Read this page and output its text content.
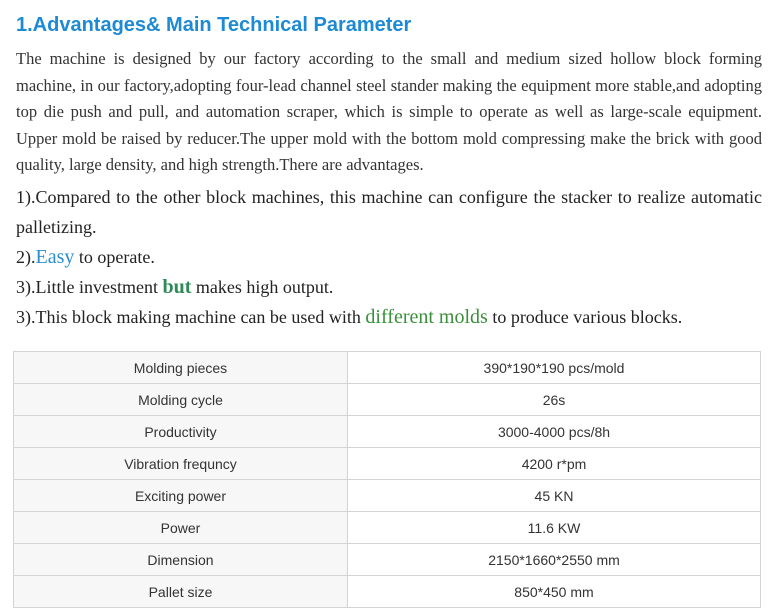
1.Advantages& Main Technical Parameter

The machine is designed by our factory according to the small and medium sized hollow block forming machine, in our factory,adopting four-lead channel steel stander making the equipment more stable,and adopting top die push and pull, and automation scraper, which is simple to operate as well as large-scale equipment. Upper mold be raised by reducer.The upper mold with the bottom mold compressing make the brick with good quality, large density, and high strength.There are advantages.

1).Compared to the other block machines, this machine can configure the stacker to realize automatic palletizing.

2).Easy to operate.

3).Little investment but makes high output.

3).This block making machine can be used with different molds to produce various blocks.

Molding pieces	390*190*190 pcs/mold
Molding cycle	26s
Productivity	3000-4000 pcs/8h
Vibration frequncy	4200 r*pm
Exciting power	45 KN
Power	11.6 KW
Dimension	2150*1660*2550 mm
Pallet size	850*450 mm
